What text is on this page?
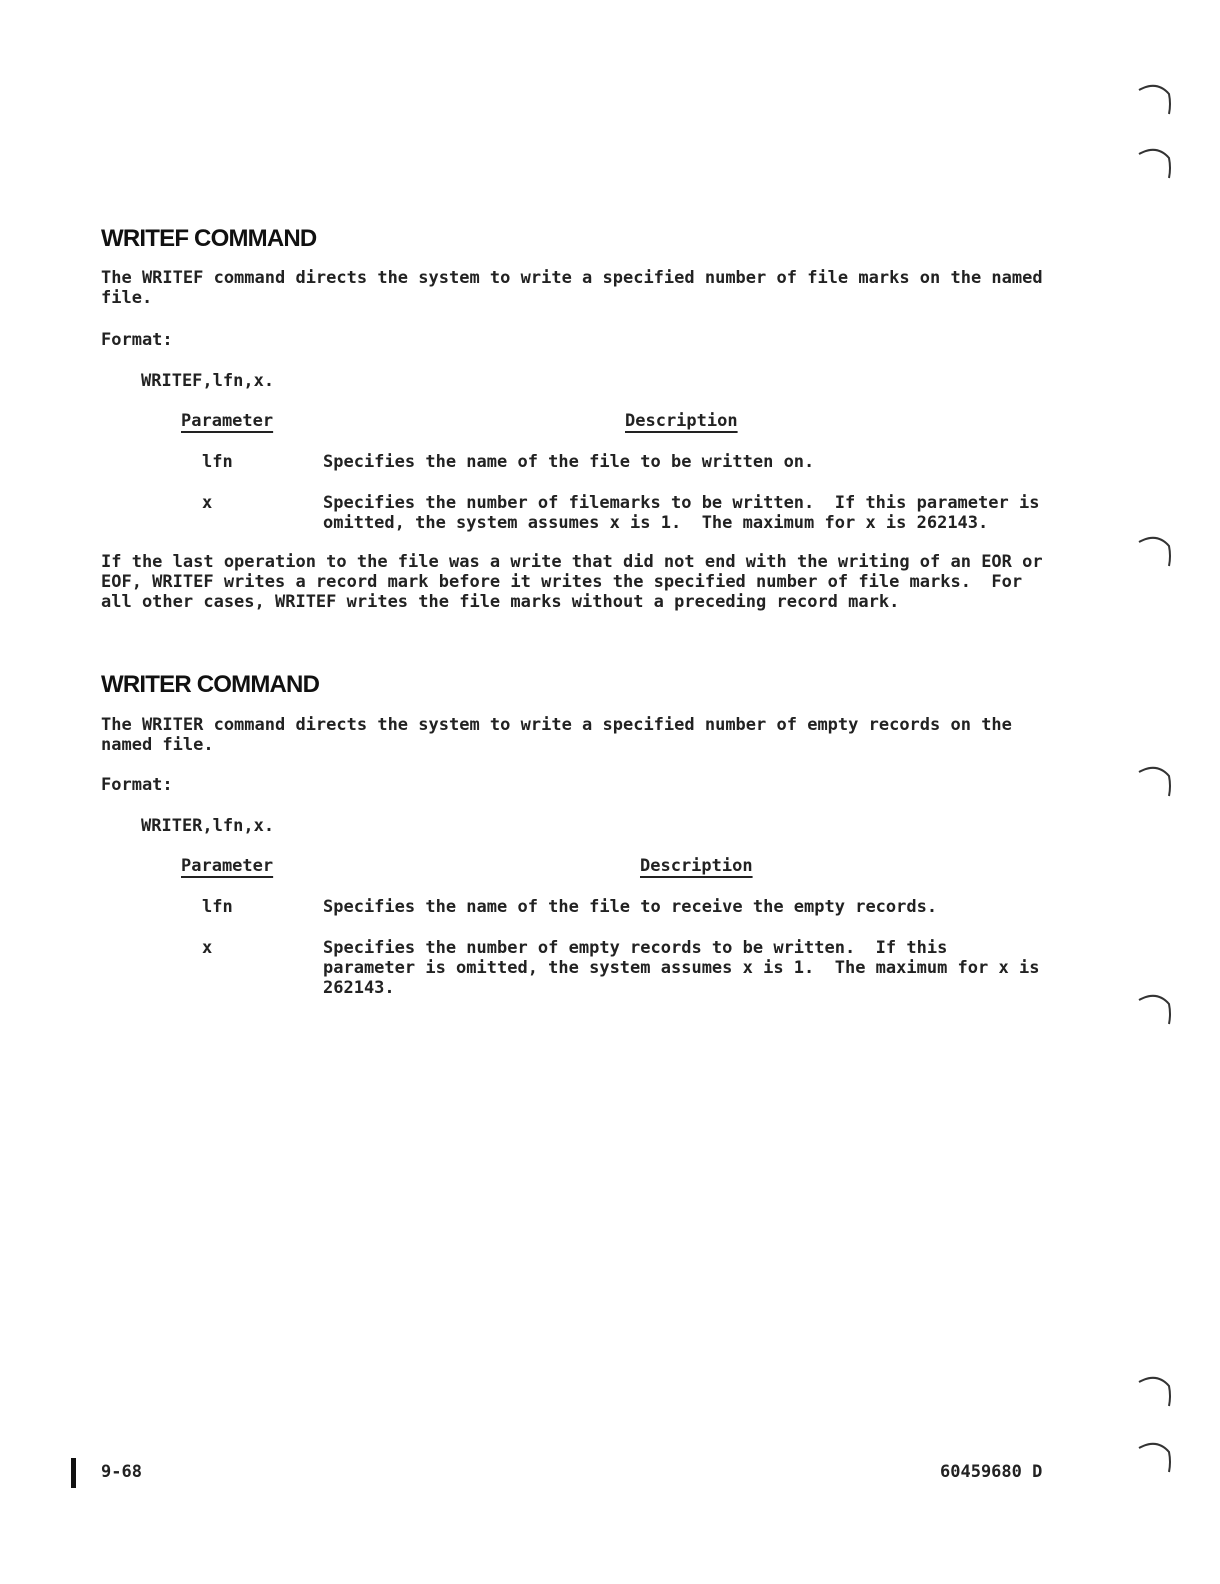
WRITEF COMMAND
The WRITEF command directs the system to write a specified number of file marks on the named
file.
Format:
WRITEF,lfn,x.
Parameter	Description
lfn	Specifies the name of the file to be written on.
x	Specifies the number of filemarks to be written.  If this parameter is
omitted, the system assumes x is 1.  The maximum for x is 262143.
If the last operation to the file was a write that did not end with the writing of an EOR or
EOF, WRITEF writes a record mark before it writes the specified number of file marks.  For
all other cases, WRITEF writes the file marks without a preceding record mark.
WRITER COMMAND
The WRITER command directs the system to write a specified number of empty records on the
named file.
Format:
WRITER,lfn,x.
Parameter	Description
lfn	Specifies the name of the file to receive the empty records.
x	Specifies the number of empty records to be written.  If this
parameter is omitted, the system assumes x is 1.  The maximum for x is
262143.
9-68	60459680 D
